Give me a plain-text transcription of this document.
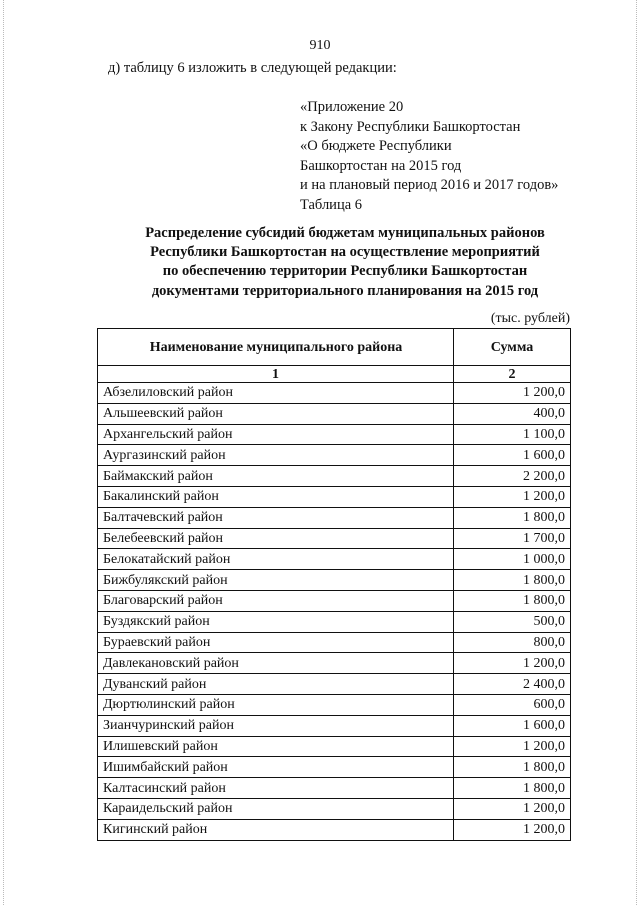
910
д) таблицу 6 изложить в следующей редакции:
«Приложение 20
к Закону Республики Башкортостан
«О бюджете Республики
Башкортостан на 2015 год
и на плановый период 2016 и 2017 годов»
Таблица 6
Распределение субсидий бюджетам муниципальных районов
Республики Башкортостан на осуществление мероприятий
по обеспечению территории Республики Башкортостан
документами территориального планирования на 2015 год
(тыс. рублей)
Наименование муниципального района	Сумма
1	2
Абзелиловский район	1 200,0
Альшеевский район	400,0
Архангельский район	1 100,0
Аургазинский район	1 600,0
Баймакский район	2 200,0
Бакалинский район	1 200,0
Балтачевский район	1 800,0
Белебеевский район	1 700,0
Белокатайский район	1 000,0
Бижбулякский район	1 800,0
Благоварский район	1 800,0
Буздякский район	500,0
Бураевский район	800,0
Давлекановский район	1 200,0
Дуванский район	2 400,0
Дюртюлинский район	600,0
Зианчуринский район	1 600,0
Илишевский район	1 200,0
Ишимбайский район	1 800,0
Калтасинский район	1 800,0
Караидельский район	1 200,0
Кигинский район	1 200,0
